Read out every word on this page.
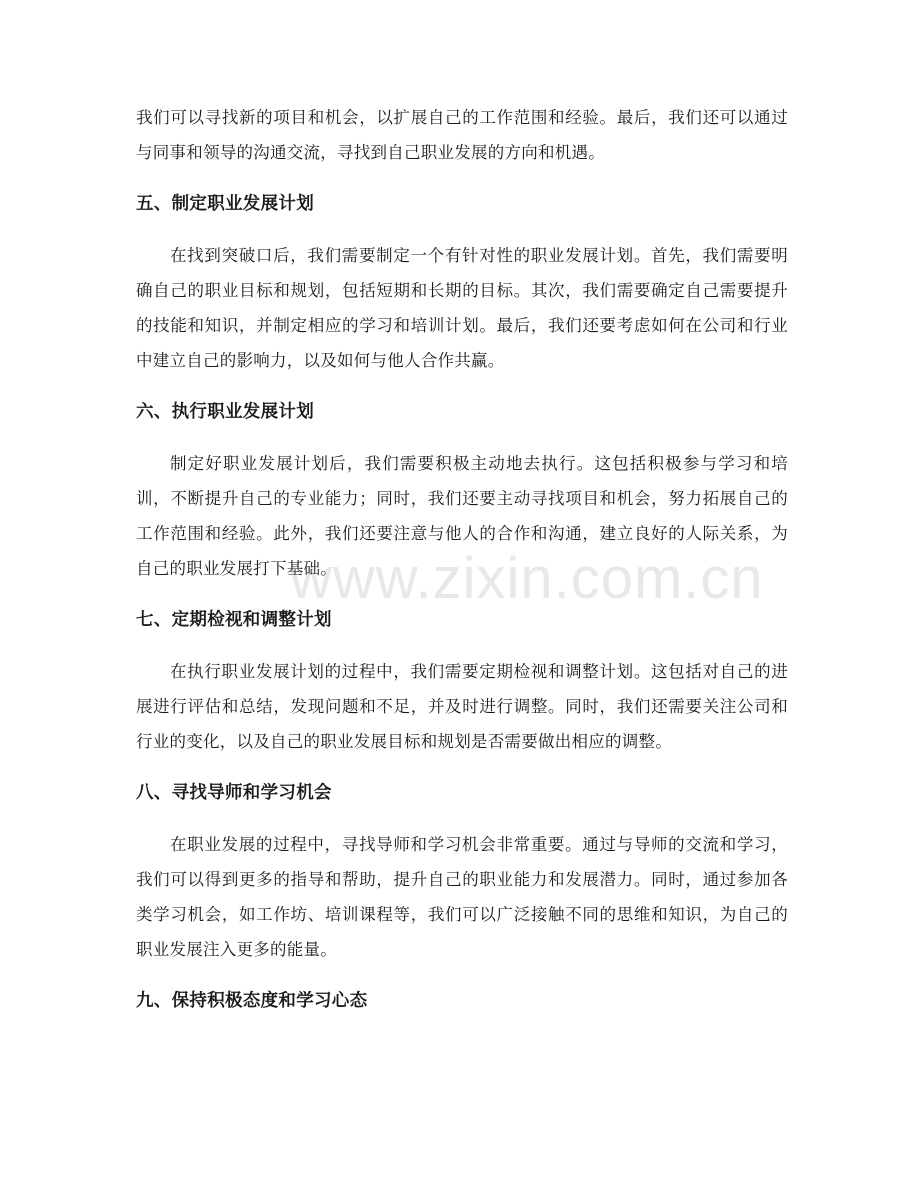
我们可以寻找新的项目和机会，以扩展自己的工作范围和经验。最后，我们还可以通过与同事和领导的沟通交流，寻找到自己职业发展的方向和机遇。

五、制定职业发展计划

在找到突破口后，我们需要制定一个有针对性的职业发展计划。首先，我们需要明确自己的职业目标和规划，包括短期和长期的目标。其次，我们需要确定自己需要提升的技能和知识，并制定相应的学习和培训计划。最后，我们还要考虑如何在公司和行业中建立自己的影响力，以及如何与他人合作共赢。

六、执行职业发展计划

制定好职业发展计划后，我们需要积极主动地去执行。这包括积极参与学习和培训，不断提升自己的专业能力；同时，我们还要主动寻找项目和机会，努力拓展自己的工作范围和经验。此外，我们还要注意与他人的合作和沟通，建立良好的人际关系，为自己的职业发展打下基础。

七、定期检视和调整计划

在执行职业发展计划的过程中，我们需要定期检视和调整计划。这包括对自己的进展进行评估和总结，发现问题和不足，并及时进行调整。同时，我们还需要关注公司和行业的变化，以及自己的职业发展目标和规划是否需要做出相应的调整。

八、寻找导师和学习机会

在职业发展的过程中，寻找导师和学习机会非常重要。通过与导师的交流和学习，我们可以得到更多的指导和帮助，提升自己的职业能力和发展潜力。同时，通过参加各类学习机会，如工作坊、培训课程等，我们可以广泛接触不同的思维和知识，为自己的职业发展注入更多的能量。

九、保持积极态度和学习心态
www.zixin.com.cn
